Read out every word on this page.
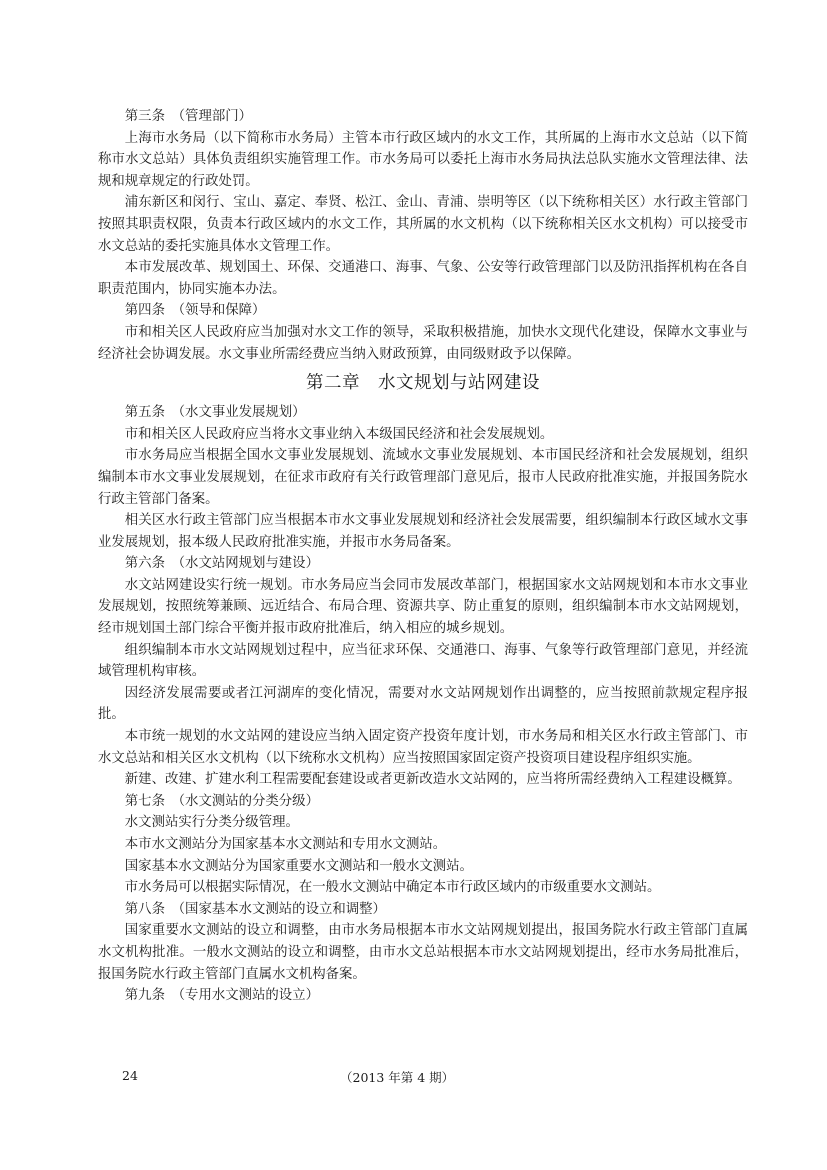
第三条　（管理部门）

上海市水务局（以下简称市水务局）主管本市行政区域内的水文工作，其所属的上海市水文总站（以下简称市水文总站）具体负责组织实施管理工作。市水务局可以委托上海市水务局执法总队实施水文管理法律、法规和规章规定的行政处罚。

浦东新区和闵行、宝山、嘉定、奉贤、松江、金山、青浦、崇明等区（以下统称相关区）水行政主管部门按照其职责权限，负责本行政区域内的水文工作，其所属的水文机构（以下统称相关区水文机构）可以接受市水文总站的委托实施具体水文管理工作。

本市发展改革、规划国土、环保、交通港口、海事、气象、公安等行政管理部门以及防汛指挥机构在各自职责范围内，协同实施本办法。

第四条　（领导和保障）

市和相关区人民政府应当加强对水文工作的领导，采取积极措施，加快水文现代化建设，保障水文事业与经济社会协调发展。水文事业所需经费应当纳入财政预算，由同级财政予以保障。

第二章　水文规划与站网建设

第五条　（水文事业发展规划）

市和相关区人民政府应当将水文事业纳入本级国民经济和社会发展规划。

市水务局应当根据全国水文事业发展规划、流域水文事业发展规划、本市国民经济和社会发展规划，组织编制本市水文事业发展规划，在征求市政府有关行政管理部门意见后，报市人民政府批准实施，并报国务院水行政主管部门备案。

相关区水行政主管部门应当根据本市水文事业发展规划和经济社会发展需要，组织编制本行政区域水文事业发展规划，报本级人民政府批准实施，并报市水务局备案。

第六条　（水文站网规划与建设）

水文站网建设实行统一规划。市水务局应当会同市发展改革部门，根据国家水文站网规划和本市水文事业发展规划，按照统筹兼顾、远近结合、布局合理、资源共享、防止重复的原则，组织编制本市水文站网规划，经市规划国土部门综合平衡并报市政府批准后，纳入相应的城乡规划。

组织编制本市水文站网规划过程中，应当征求环保、交通港口、海事、气象等行政管理部门意见，并经流域管理机构审核。

因经济发展需要或者江河湖库的变化情况，需要对水文站网规划作出调整的，应当按照前款规定程序报批。

本市统一规划的水文站网的建设应当纳入固定资产投资年度计划，市水务局和相关区水行政主管部门、市水文总站和相关区水文机构（以下统称水文机构）应当按照国家固定资产投资项目建设程序组织实施。

新建、改建、扩建水利工程需要配套建设或者更新改造水文站网的，应当将所需经费纳入工程建设概算。

第七条　（水文测站的分类分级）

水文测站实行分类分级管理。

本市水文测站分为国家基本水文测站和专用水文测站。

国家基本水文测站分为国家重要水文测站和一般水文测站。

市水务局可以根据实际情况，在一般水文测站中确定本市行政区域内的市级重要水文测站。

第八条　（国家基本水文测站的设立和调整）

国家重要水文测站的设立和调整，由市水务局根据本市水文站网规划提出，报国务院水行政主管部门直属水文机构批准。一般水文测站的设立和调整，由市水文总站根据本市水文站网规划提出，经市水务局批准后，报国务院水行政主管部门直属水文机构备案。

第九条　（专用水文测站的设立）

24	（2013 年第 4 期）
